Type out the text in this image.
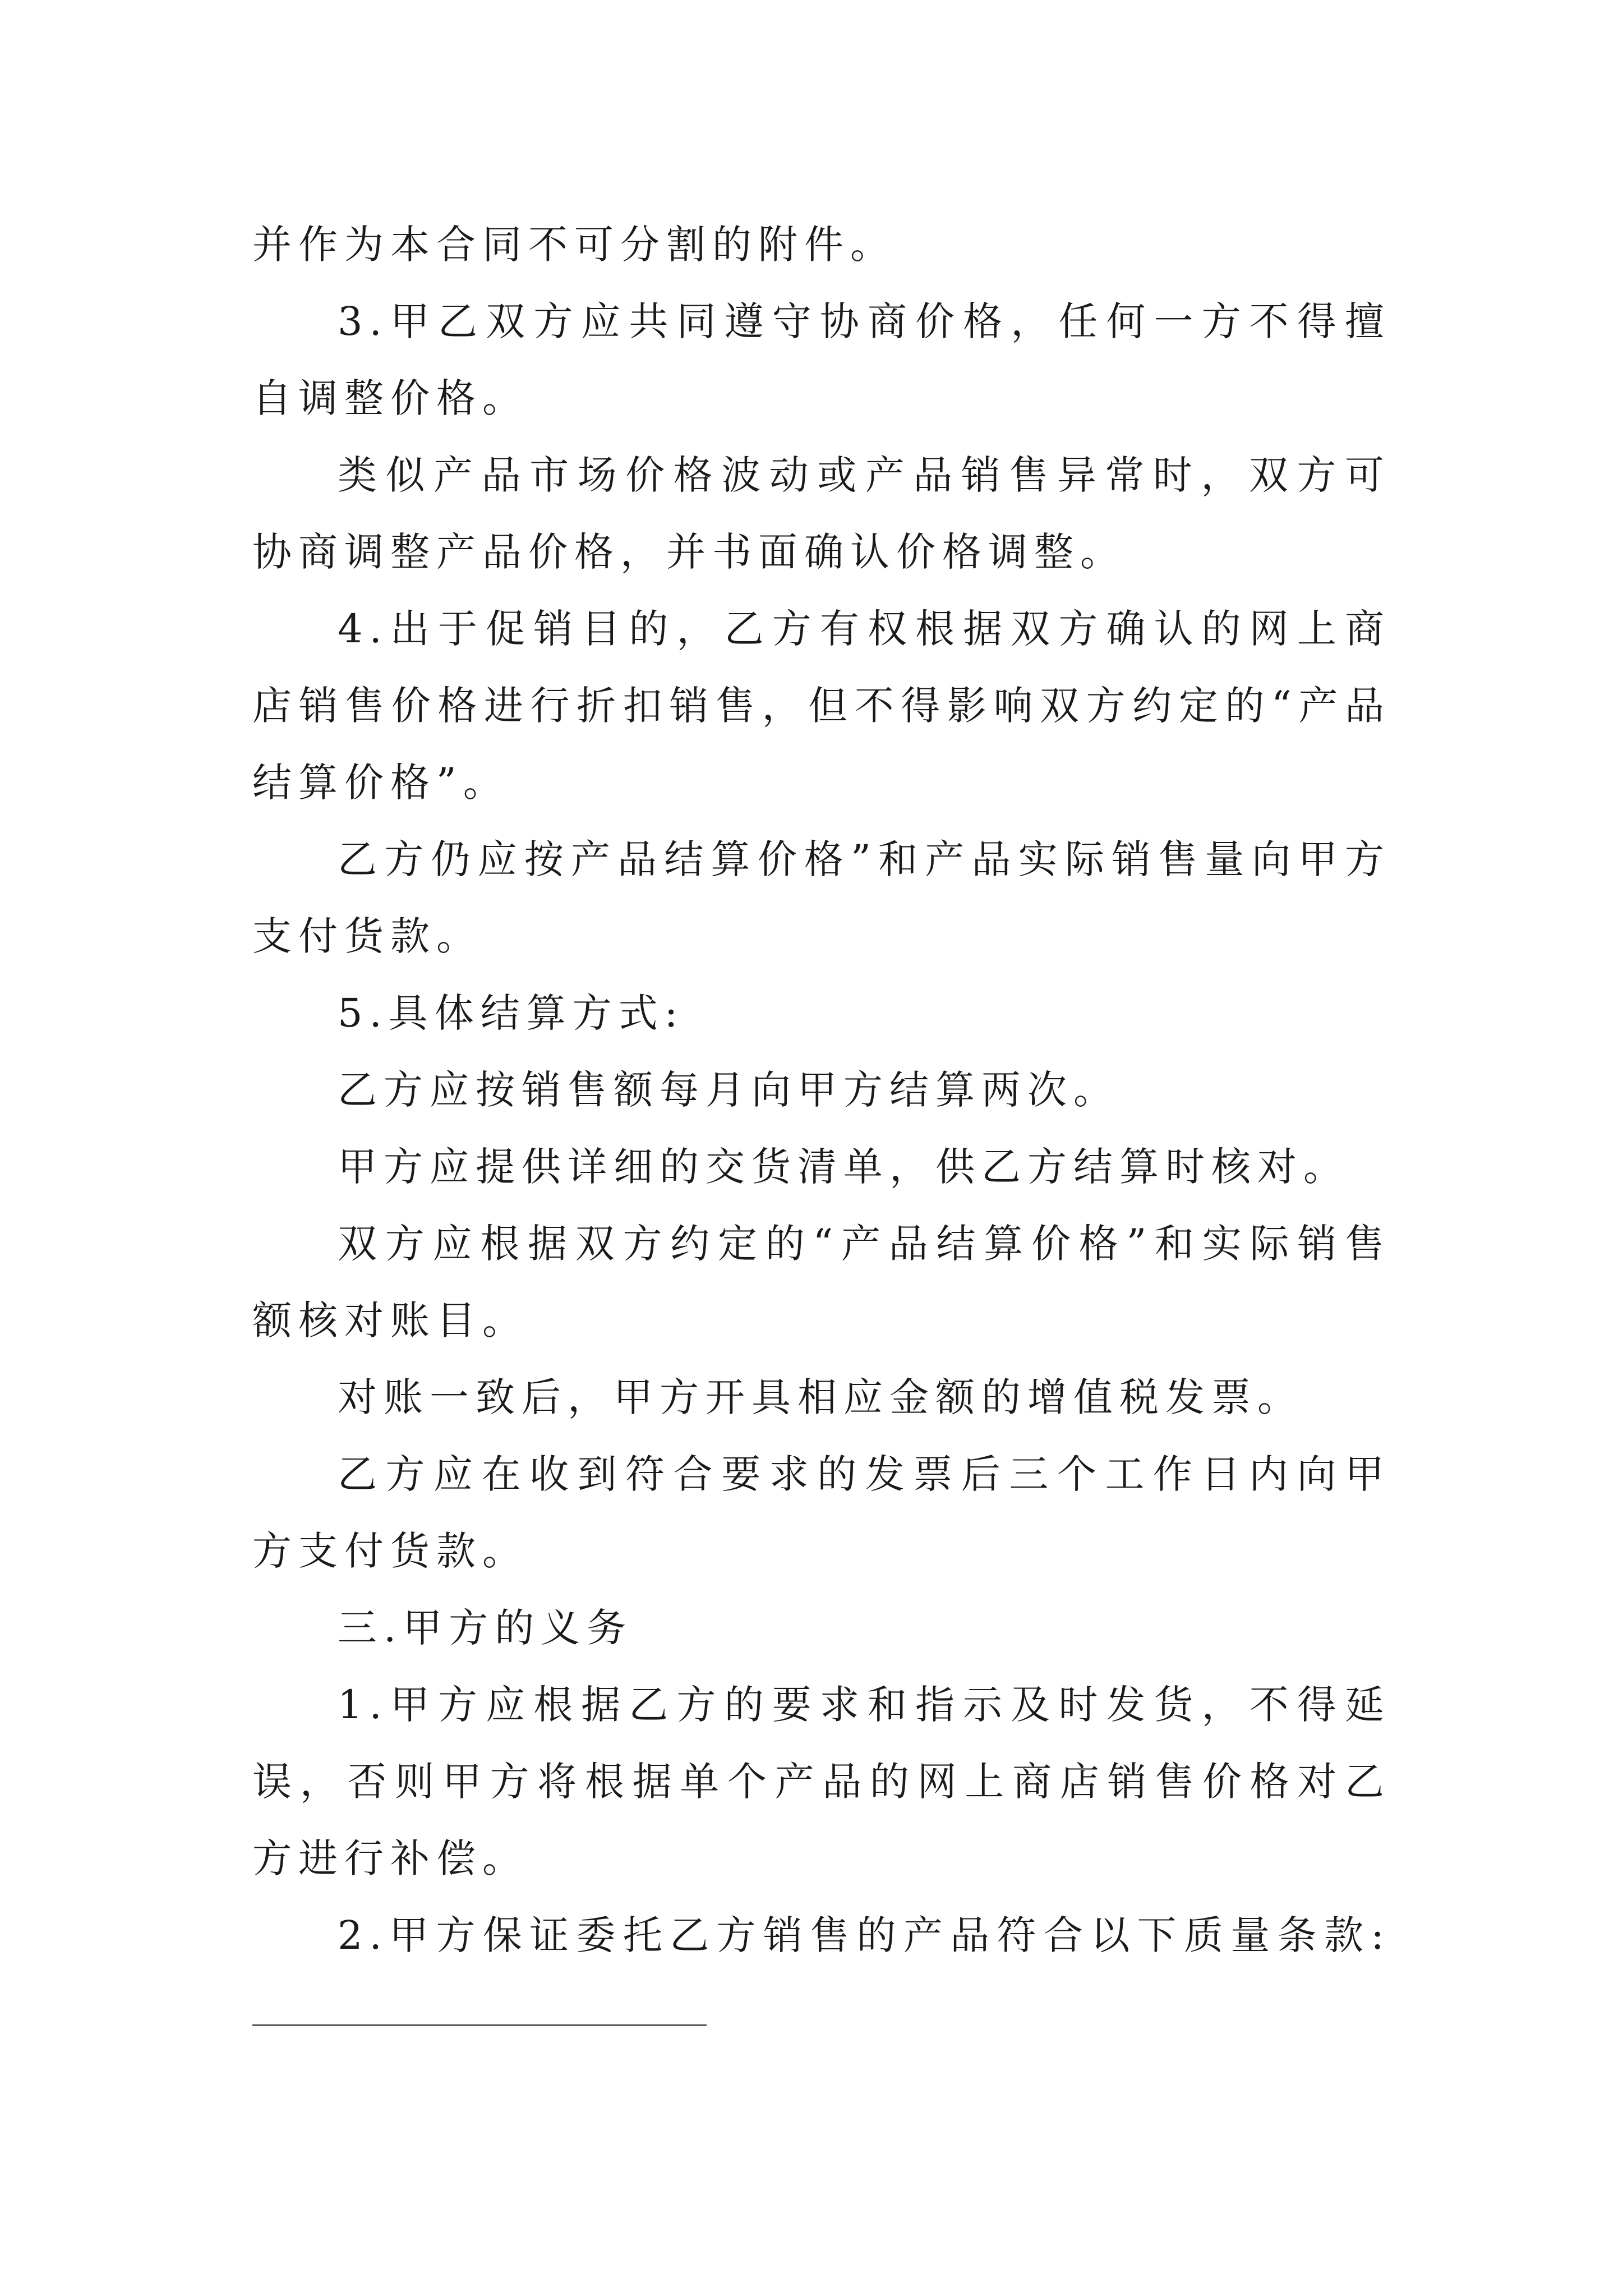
并作为本合同不可分割的附件。

3.甲乙双方应共同遵守协商价格，任何一方不得擅自调整价格。

类似产品市场价格波动或产品销售异常时，双方可协商调整产品价格，并书面确认价格调整。

4.出于促销目的，乙方有权根据双方确认的网上商店销售价格进行折扣销售，但不得影响双方约定的“产品结算价格”。

乙方仍应按产品结算价格”和产品实际销售量向甲方支付货款。

5.具体结算方式:

乙方应按销售额每月向甲方结算两次。

甲方应提供详细的交货清单，供乙方结算时核对。

双方应根据双方约定的“产品结算价格”和实际销售额核对账目。

对账一致后，甲方开具相应金额的增值税发票。

乙方应在收到符合要求的发票后三个工作日内向甲方支付货款。

三.甲方的义务

1.甲方应根据乙方的要求和指示及时发货，不得延误，否则甲方将根据单个产品的网上商店销售价格对乙方进行补偿。

2.甲方保证委托乙方销售的产品符合以下质量条款:
